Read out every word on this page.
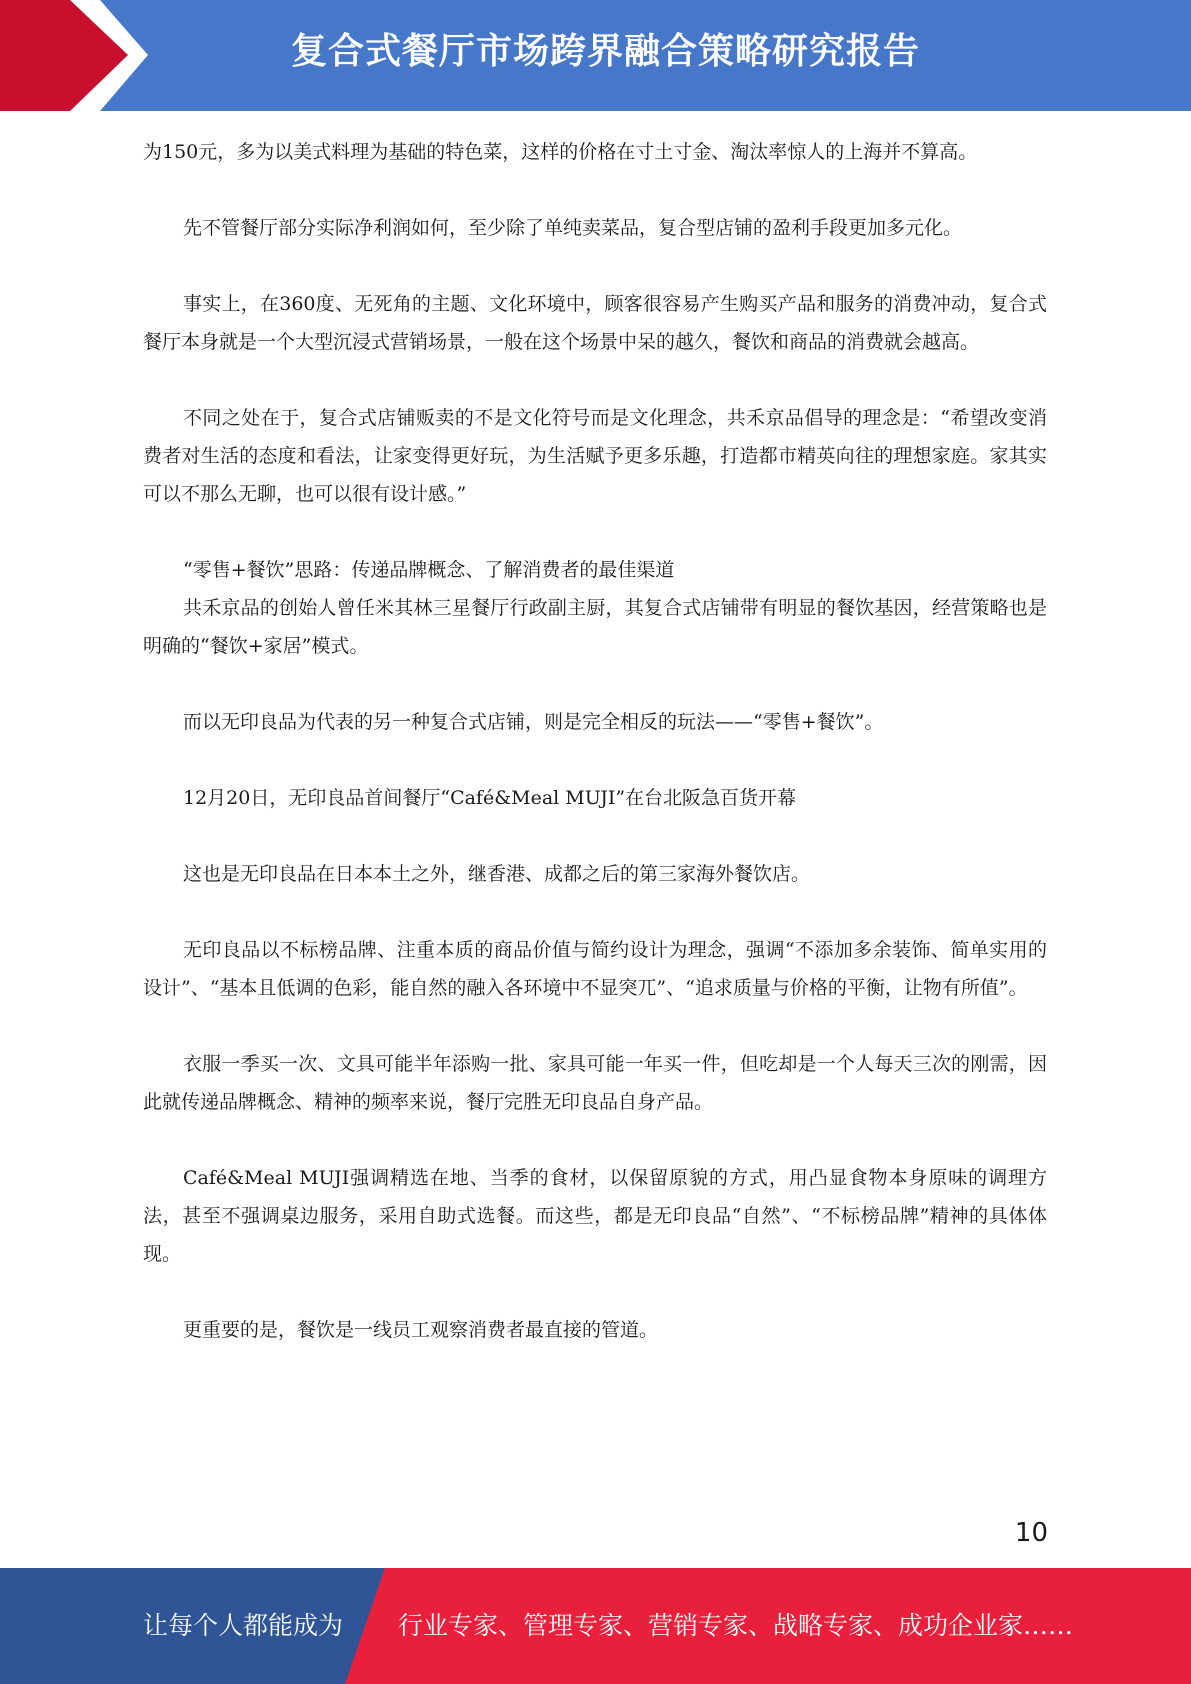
复合式餐厅市场跨界融合策略研究报告

为150元，多为以美式料理为基础的特色菜，这样的价格在寸土寸金、淘汰率惊人的上海并不算高。

先不管餐厅部分实际净利润如何，至少除了单纯卖菜品，复合型店铺的盈利手段更加多元化。

事实上，在360度、无死角的主题、文化环境中，顾客很容易产生购买产品和服务的消费冲动，复合式餐厅本身就是一个大型沉浸式营销场景，一般在这个场景中呆的越久，餐饮和商品的消费就会越高。

不同之处在于，复合式店铺贩卖的不是文化符号而是文化理念，共禾京品倡导的理念是：“希望改变消费者对生活的态度和看法，让家变得更好玩，为生活赋予更多乐趣，打造都市精英向往的理想家庭。家其实可以不那么无聊，也可以很有设计感。”

“零售+餐饮”思路：传递品牌概念、了解消费者的最佳渠道

共禾京品的创始人曾任米其林三星餐厅行政副主厨，其复合式店铺带有明显的餐饮基因，经营策略也是明确的“餐饮+家居”模式。

而以无印良品为代表的另一种复合式店铺，则是完全相反的玩法——“零售+餐饮”。

12月20日，无印良品首间餐厅“Café&Meal MUJI”在台北阪急百货开幕

这也是无印良品在日本本土之外，继香港、成都之后的第三家海外餐饮店。

无印良品以不标榜品牌、注重本质的商品价值与简约设计为理念，强调“不添加多余装饰、简单实用的设计”、“基本且低调的色彩，能自然的融入各环境中不显突兀”、“追求质量与价格的平衡，让物有所值”。

衣服一季买一次、文具可能半年添购一批、家具可能一年买一件，但吃却是一个人每天三次的刚需，因此就传递品牌概念、精神的频率来说，餐厅完胜无印良品自身产品。

Café&Meal MUJI强调精选在地、当季的食材，以保留原貌的方式，用凸显食物本身原味的调理方法，甚至不强调桌边服务，采用自助式选餐。而这些，都是无印良品“自然”、“不标榜品牌”精神的具体体现。

更重要的是，餐饮是一线员工观察消费者最直接的管道。

10
让每个人都能成为 行业专家、管理专家、营销专家、战略专家、成功企业家……
